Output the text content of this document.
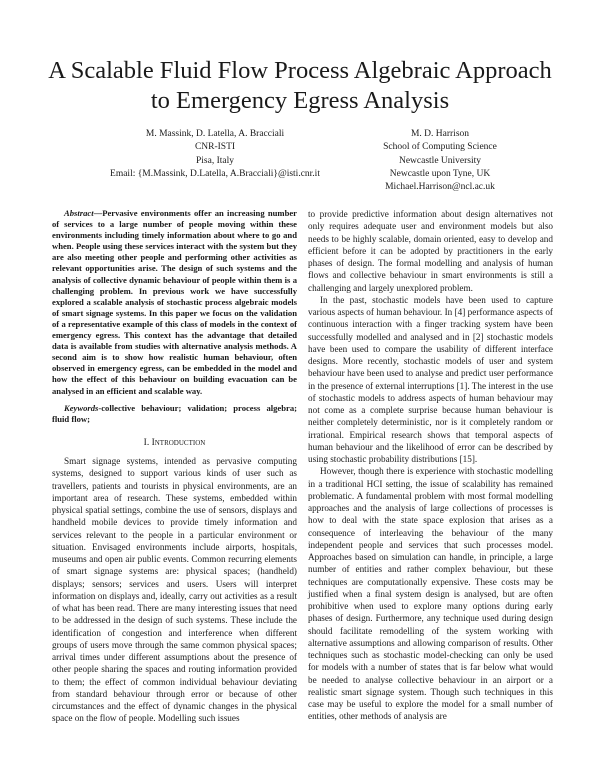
A Scalable Fluid Flow Process Algebraic Approach
to Emergency Egress Analysis
M. Massink, D. Latella, A. Bracciali
CNR-ISTI
Pisa, Italy
Email: {M.Massink, D.Latella, A.Bracciali}@isti.cnr.it
M. D. Harrison
School of Computing Science
Newcastle University
Newcastle upon Tyne, UK
Michael.Harrison@ncl.ac.uk

Abstract—Pervasive environments offer an increasing number of services to a large number of people moving within these environments including timely information about where to go and when. People using these services interact with the system but they are also meeting other people and performing other activities as relevant opportunities arise. The design of such systems and the analysis of collective dynamic behaviour of people within them is a challenging problem. In previous work we have successfully explored a scalable analysis of stochastic process algebraic models of smart signage systems. In this paper we focus on the validation of a representative example of this class of models in the context of emergency egress. This context has the advantage that detailed data is available from studies with alternative analysis methods. A second aim is to show how realistic human behaviour, often observed in emergency egress, can be embedded in the model and how the effect of this behaviour on building evacuation can be analysed in an efficient and scalable way.

Keywords-collective behaviour; validation; process algebra; fluid flow;
I. Introduction

Smart signage systems, intended as pervasive computing systems, designed to support various kinds of user such as travellers, patients and tourists in physical environments, are an important area of research. These systems, embedded within physical spatial settings, combine the use of sensors, displays and handheld mobile devices to provide timely information and services relevant to the people in a particular environment or situation. Envisaged environments include airports, hospitals, museums and open air public events. Common recurring elements of smart signage systems are: physical spaces; (handheld) displays; sensors; services and users. Users will interpret information on displays and, ideally, carry out activities as a result of what has been read. There are many interesting issues that need to be addressed in the design of such systems. These include the identification of congestion and interference when different groups of users move through the same common physical spaces; arrival times under different assumptions about the presence of other people sharing the spaces and routing information provided to them; the effect of common individual behaviour deviating from standard behaviour through error or because of other circumstances and the effect of dynamic changes in the physical space on the flow of people. Modelling such issues

to provide predictive information about design alternatives not only requires adequate user and environment models but also needs to be highly scalable, domain oriented, easy to develop and efficient before it can be adopted by practitioners in the early phases of design. The formal modelling and analysis of human flows and collective behaviour in smart environments is still a challenging and largely unexplored problem.

In the past, stochastic models have been used to capture various aspects of human behaviour. In [4] performance aspects of continuous interaction with a finger tracking system have been successfully modelled and analysed and in [2] stochastic models have been used to compare the usability of different interface designs. More recently, stochastic models of user and system behaviour have been used to analyse and predict user performance in the presence of external interruptions [1]. The interest in the use of stochastic models to address aspects of human behaviour may not come as a complete surprise because human behaviour is neither completely deterministic, nor is it completely random or irrational. Empirical research shows that temporal aspects of human behaviour and the likelihood of error can be described by using stochastic probability distributions [15].

However, though there is experience with stochastic modelling in a traditional HCI setting, the issue of scalability has remained problematic. A fundamental problem with most formal modelling approaches and the analysis of large collections of processes is how to deal with the state space explosion that arises as a consequence of interleaving the behaviour of the many independent people and services that such processes model. Approaches based on simulation can handle, in principle, a large number of entities and rather complex behaviour, but these techniques are computationally expensive. These costs may be justified when a final system design is analysed, but are often prohibitive when used to explore many options during early phases of design. Furthermore, any technique used during design should facilitate remodelling of the system working with alternative assumptions and allowing comparison of results. Other techniques such as stochastic model-checking can only be used for models with a number of states that is far below what would be needed to analyse collective behaviour in an airport or a realistic smart signage system. Though such techniques in this case may be useful to explore the model for a small number of entities, other methods of analysis are
